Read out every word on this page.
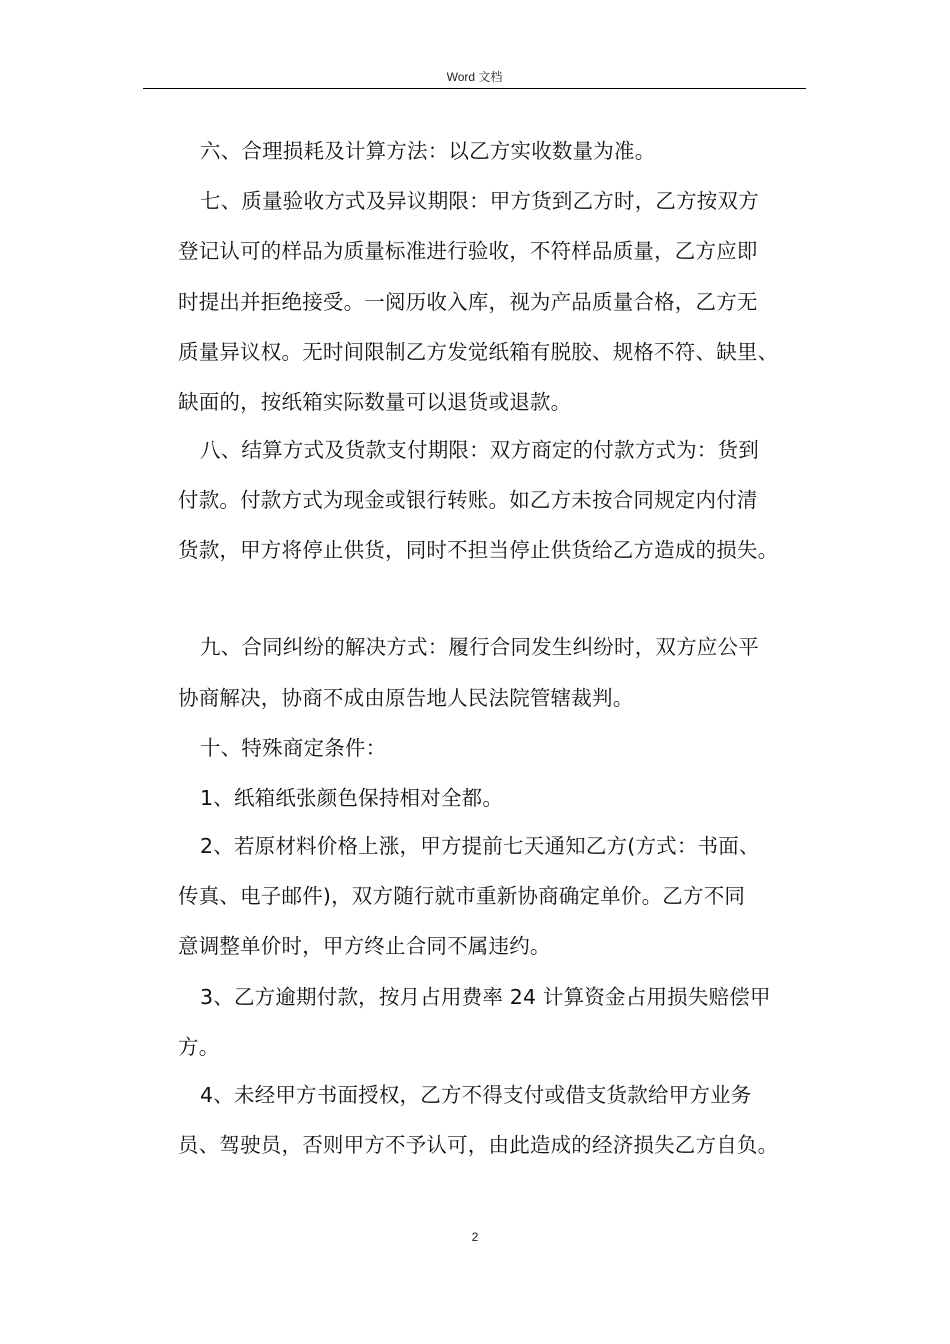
Word 文档
六、合理损耗及计算方法：以乙方实收数量为准。
七、质量验收方式及异议期限：甲方货到乙方时，乙方按双方
登记认可的样品为质量标准进行验收，不符样品质量，乙方应即
时提出并拒绝接受。一阅历收入库，视为产品质量合格，乙方无
质量异议权。无时间限制乙方发觉纸箱有脱胶、规格不符、缺里、
缺面的，按纸箱实际数量可以退货或退款。
八、结算方式及货款支付期限：双方商定的付款方式为：货到
付款。付款方式为现金或银行转账。如乙方未按合同规定内付清
货款，甲方将停止供货，同时不担当停止供货给乙方造成的损失。
九、合同纠纷的解决方式：履行合同发生纠纷时，双方应公平
协商解决，协商不成由原告地人民法院管辖裁判。
十、特殊商定条件：
1、纸箱纸张颜色保持相对全都。
2、若原材料价格上涨，甲方提前七天通知乙方(方式：书面、
传真、电子邮件)，双方随行就市重新协商确定单价。乙方不同
意调整单价时，甲方终止合同不属违约。
3、乙方逾期付款，按月占用费率 24 计算资金占用损失赔偿甲
方。
4、未经甲方书面授权，乙方不得支付或借支货款给甲方业务
员、驾驶员，否则甲方不予认可，由此造成的经济损失乙方自负。
2
